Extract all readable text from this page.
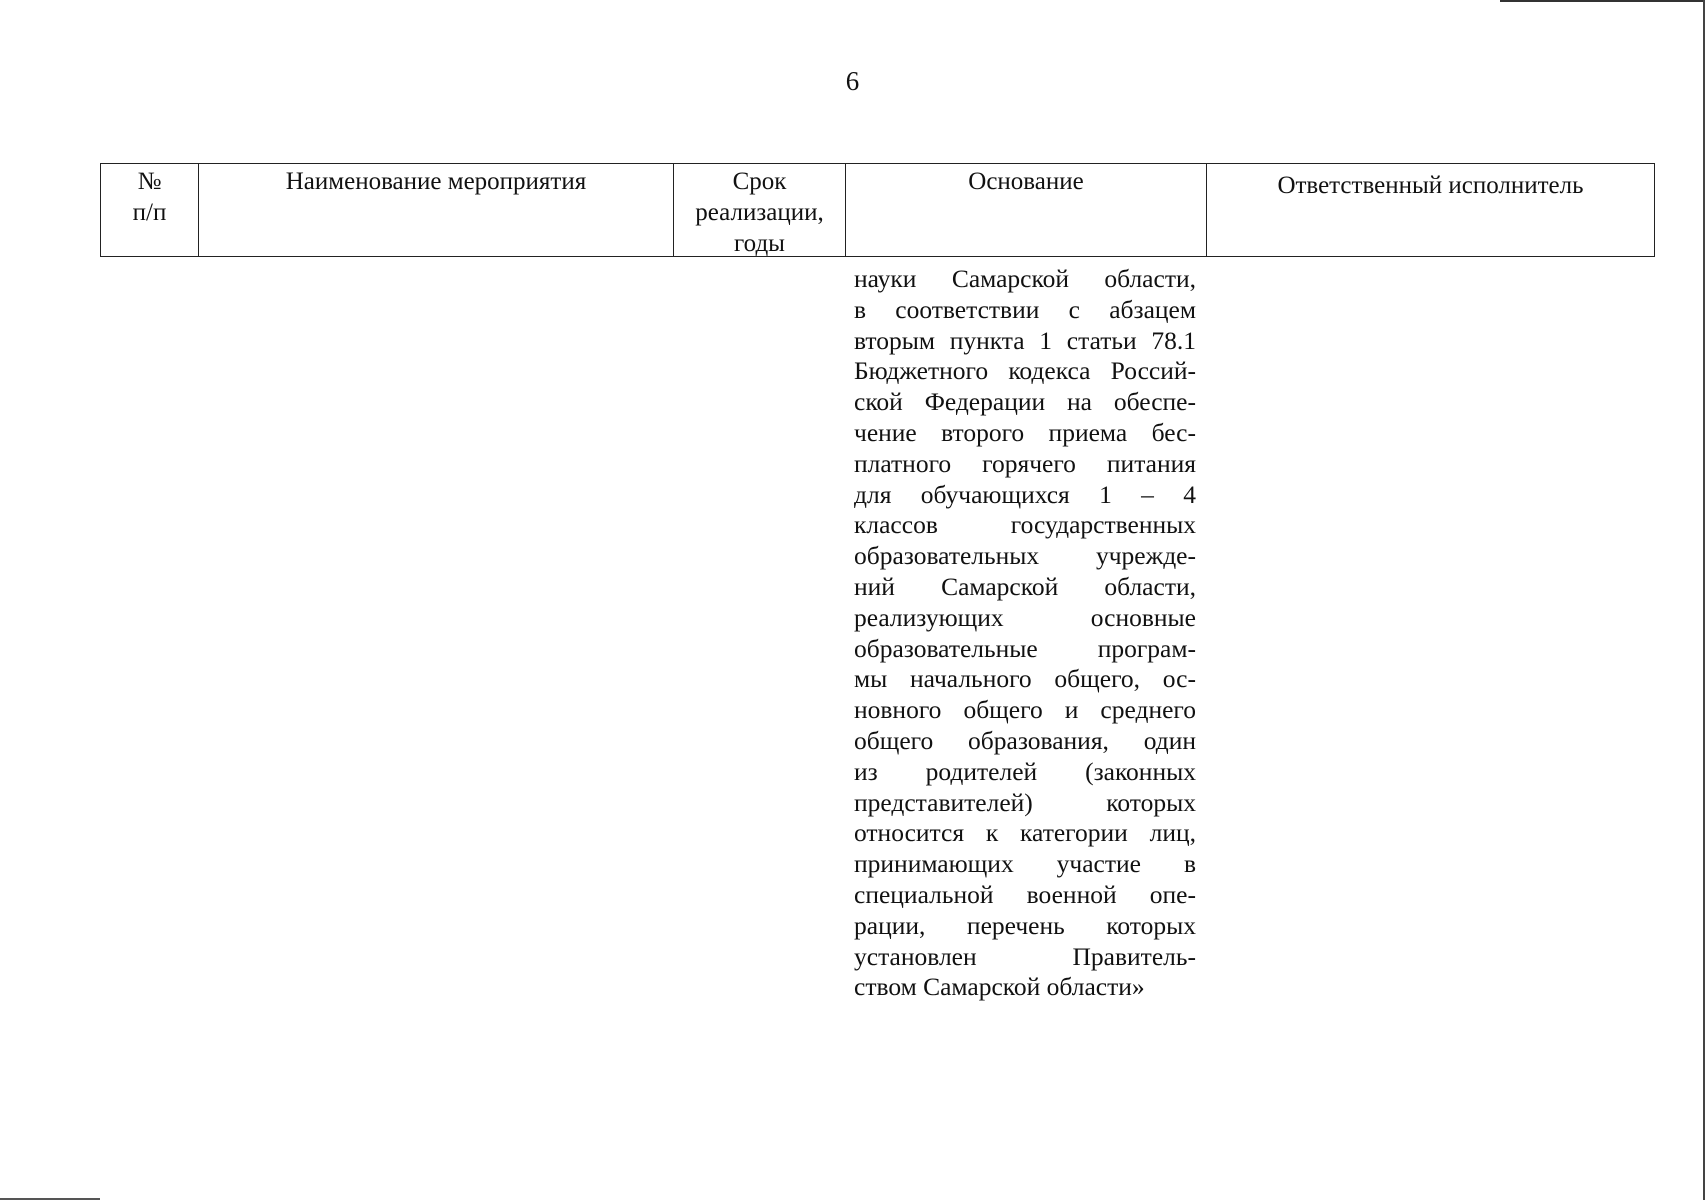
6
№
п/п
Наименование мероприятия	Срок
реализации,
годы
Основание	Ответственный исполнитель
науки Самарской области,
в соответствии с абзацем
вторым пункта 1 статьи 78.1
Бюджетного кодекса Россий-
ской Федерации на обеспе-
чение второго приема бес-
платного горячего питания
для обучающихся 1 – 4
классов государственных
образовательных учрежде-
ний Самарской области,
реализующих основные
образовательные програм-
мы начального общего, ос-
новного общего и среднего
общего образования, один
из родителей (законных
представителей) которых
относится к категории лиц,
принимающих участие в
специальной военной опе-
рации, перечень которых
установлен Правитель-
ством Самарской области»
